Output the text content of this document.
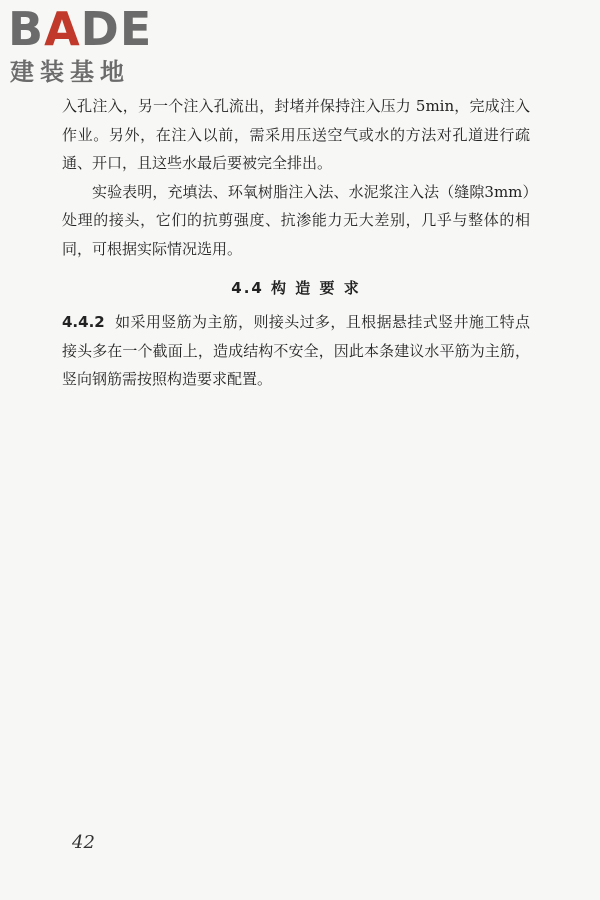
BADE
建装基地

入孔注入，另一个注入孔流出，封堵并保持注入压力 5min，完成注入作业。另外，在注入以前，需采用压送空气或水的方法对孔道进行疏通、开口，且这些水最后要被完全排出。

实验表明，充填法、环氧树脂注入法、水泥浆注入法（缝隙3mm）处理的接头，它们的抗剪强度、抗渗能力无大差别，几乎与整体的相同，可根据实际情况选用。

4.4 构 造 要 求

4.4.2 如采用竖筋为主筋，则接头过多，且根据悬挂式竖井施工特点接头多在一个截面上，造成结构不安全，因此本条建议水平筋为主筋，竖向钢筋需按照构造要求配置。

42
